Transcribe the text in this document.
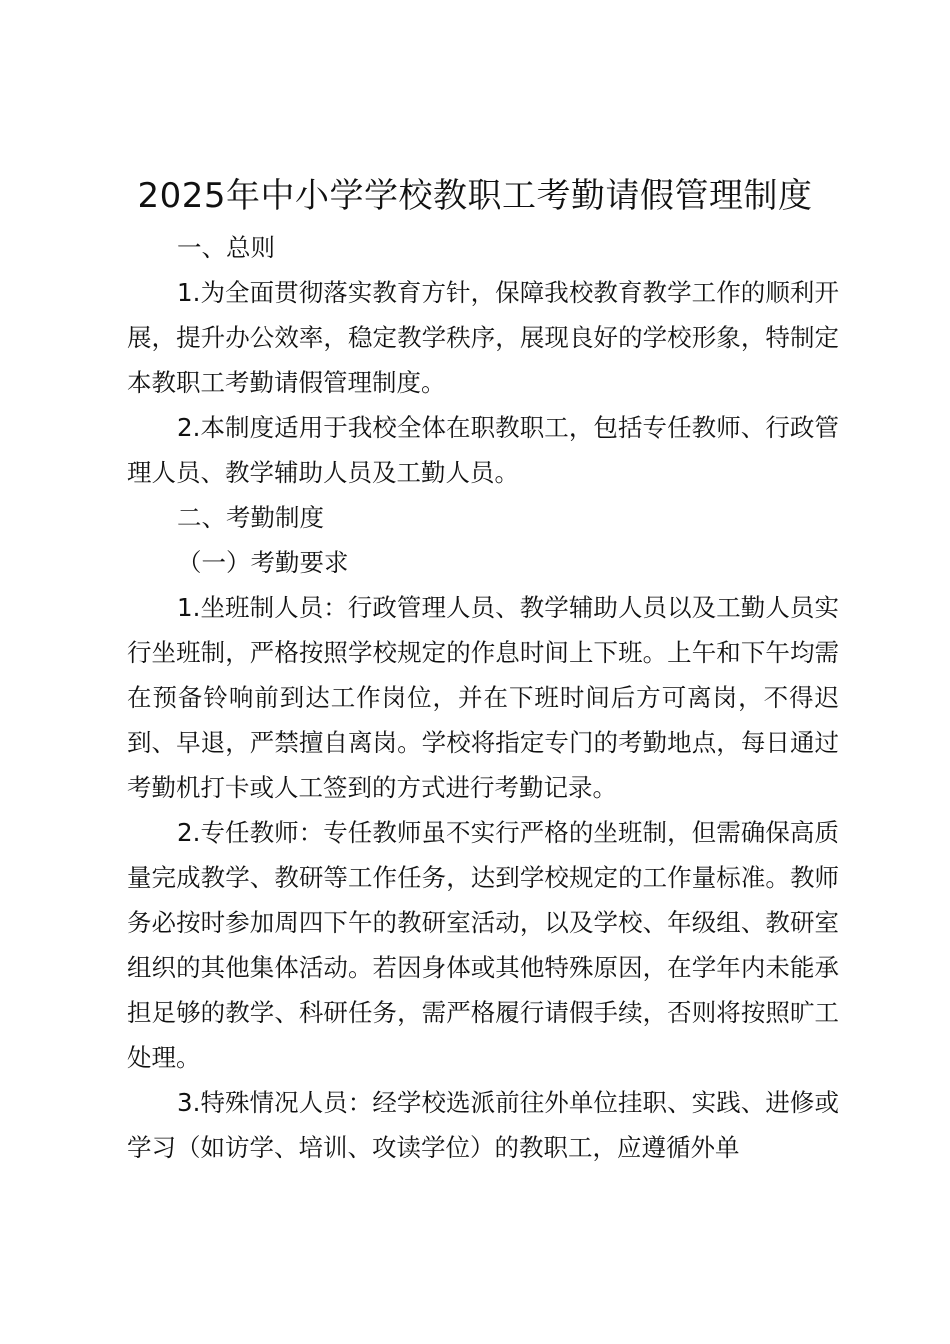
2025年中小学学校教职工考勤请假管理制度

一、总则

1.为全面贯彻落实教育方针，保障我校教育教学工作的顺利开展，提升办公效率，稳定教学秩序，展现良好的学校形象，特制定本教职工考勤请假管理制度。

2.本制度适用于我校全体在职教职工，包括专任教师、行政管理人员、教学辅助人员及工勤人员。

二、考勤制度

（一）考勤要求

1.坐班制人员：行政管理人员、教学辅助人员以及工勤人员实行坐班制，严格按照学校规定的作息时间上下班。上午和下午均需在预备铃响前到达工作岗位，并在下班时间后方可离岗，不得迟到、早退，严禁擅自离岗。学校将指定专门的考勤地点，每日通过考勤机打卡或人工签到的方式进行考勤记录。

2.专任教师：专任教师虽不实行严格的坐班制，但需确保高质量完成教学、教研等工作任务，达到学校规定的工作量标准。教师务必按时参加周四下午的教研室活动，以及学校、年级组、教研室组织的其他集体活动。若因身体或其他特殊原因，在学年内未能承担足够的教学、科研任务，需严格履行请假手续，否则将按照旷工处理。

3.特殊情况人员：经学校选派前往外单位挂职、实践、进修或学习（如访学、培训、攻读学位）的教职工，应遵循外单
